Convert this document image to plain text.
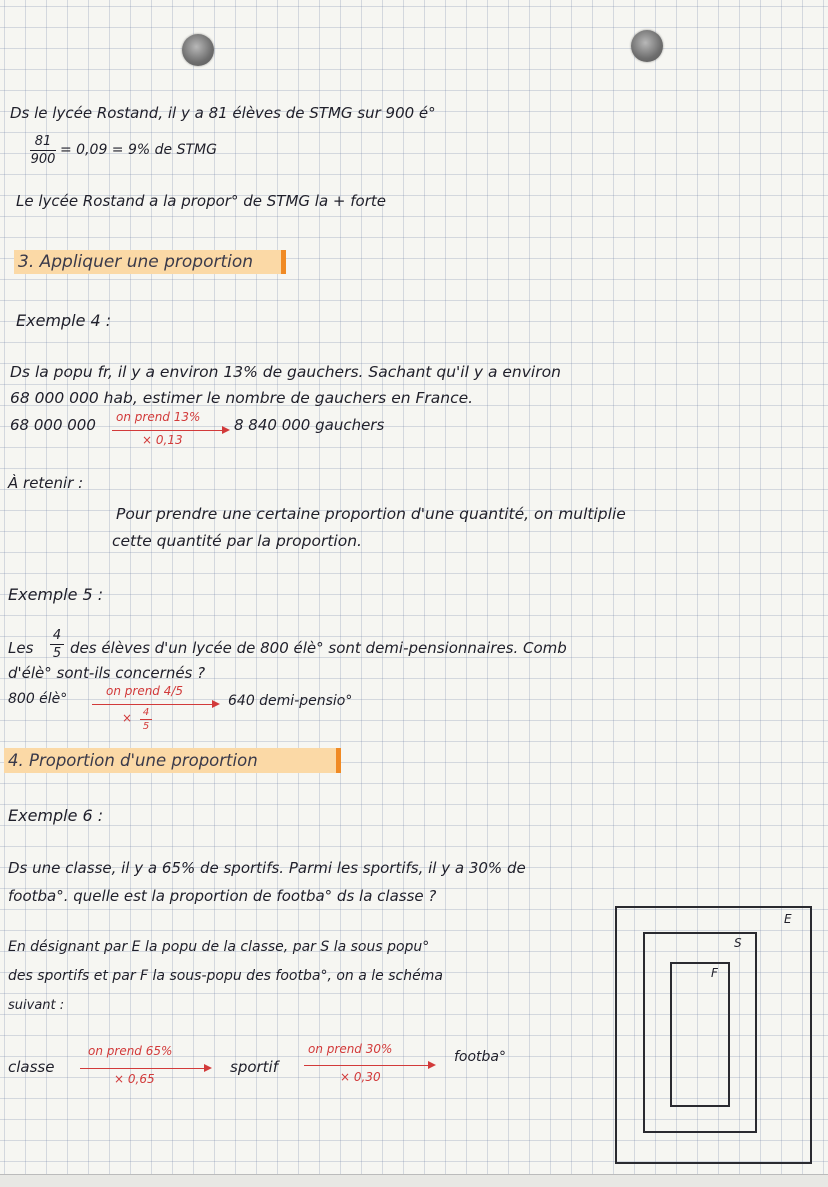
Ds le lycée Rostand, il y a 81 élèves de STMG sur 900 é°
81
900
= 0,09 = 9% de STMG
Le lycée Rostand a la propor° de STMG la + forte
3. Appliquer une proportion
Exemple 4 :
Ds la popu fr, il y a environ 13% de gauchers. Sachant qu'il y a environ
68 000 000 hab, estimer le nombre de gauchers en France.
68 000 000 on prend 13%
× 0,13
8 840 000 gauchers
À retenir :
Pour prendre une certaine proportion d'une quantité, on multiplie
cette quantité par la proportion.
Exemple 5 :
Les
4
5 des élèves d'un lycée de 800 élè° sont demi-pensionnaires. Comb
d'élè° sont-ils concernés ?
800 élè°	on prend 4/5
× 4
5
640 demi-pensio°
4. Proportion d'une proportion
Exemple 6 :
Ds une classe, il y a 65% de sportifs. Parmi les sportifs, il y a 30% de
footba°. quelle est la proportion de footba° ds la classe ?
En désignant par E la popu de la classe, par S la sous popu°
des sportifs et par F la sous-popu des footba°, on a le schéma
suivant :
classe
on prend 65%
× 0,65
sportif
on prend 30%
× 0,30
footba°
E
S
F
